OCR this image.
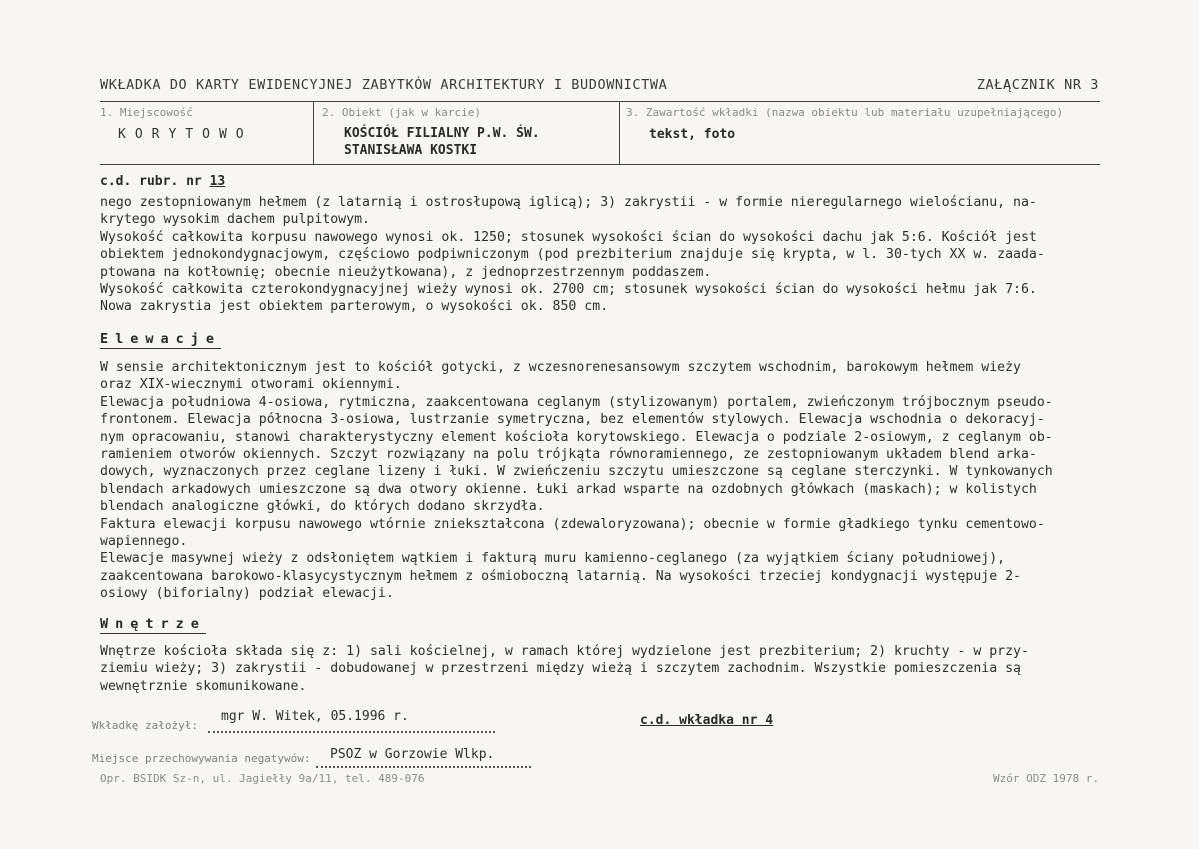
WKŁADKA DO KARTY EWIDENCYJNEJ ZABYTKÓW ARCHITEKTURY I BUDOWNICTWA	ZAŁĄCZNIK NR 3
1. Miejscowość
KORYTOWO
2. Obiekt (jak w karcie)
KOŚCIÓŁ FILIALNY P.W. ŚW.
STANISŁAWA KOSTKI
3. Zawartość wkładki (nazwa obiektu lub materiału uzupełniającego)
tekst, foto
c.d. rubr. nr 13
nego zestopniowanym hełmem (z latarnią i ostrosłupową iglicą); 3) zakrystii - w formie nieregularnego wielościanu, na-
krytego wysokim dachem pulpitowym.
Wysokość całkowita korpusu nawowego wynosi ok. 1250; stosunek wysokości ścian do wysokości dachu jak 5:6. Kościół jest
obiektem jednokondygnacjowym, częściowo podpiwniczonym (pod prezbiterium znajduje się krypta, w l. 30-tych XX w. zaada-
ptowana na kotłownię; obecnie nieużytkowana), z jednoprzestrzennym poddaszem.
Wysokość całkowita czterokondygnacyjnej wieży wynosi ok. 2700 cm; stosunek wysokości ścian do wysokości hełmu jak 7:6.
Nowa zakrystia jest obiektem parterowym, o wysokości ok. 850 cm.
Elewacje
W sensie architektonicznym jest to kościół gotycki, z wczesnorenesansowym szczytem wschodnim, barokowym hełmem wieży
oraz XIX-wiecznymi otworami okiennymi.
Elewacja południowa 4-osiowa, rytmiczna, zaakcentowana ceglanym (stylizowanym) portalem, zwieńczonym trójbocznym pseudo-
frontonem. Elewacja północna 3-osiowa, lustrzanie symetryczna, bez elementów stylowych. Elewacja wschodnia o dekoracyj-
nym opracowaniu, stanowi charakterystyczny element kościoła korytowskiego. Elewacja o podziale 2-osiowym, z ceglanym ob-
ramieniem otworów okiennych. Szczyt rozwiązany na polu trójkąta równoramiennego, ze zestopniowanym układem blend arka-
dowych, wyznaczonych przez ceglane lizeny i łuki. W zwieńczeniu szczytu umieszczone są ceglane sterczynki. W tynkowanych
blendach arkadowych umieszczone są dwa otwory okienne. Łuki arkad wsparte na ozdobnych główkach (maskach); w kolistych
blendach analogiczne główki, do których dodano skrzydła.
Faktura elewacji korpusu nawowego wtórnie zniekształcona (zdewaloryzowana); obecnie w formie gładkiego tynku cementowo-
wapiennego.
Elewacje masywnej wieży z odsłoniętem wątkiem i fakturą muru kamienno-ceglanego (za wyjątkiem ściany południowej),
zaakcentowana barokowo-klasycystycznym hełmem z ośmioboczną latarnią. Na wysokości trzeciej kondygnacji występuje 2-
osiowy (biforialny) podział elewacji.
Wnętrze
Wnętrze kościoła składa się z: 1) sali kościelnej, w ramach której wydzielone jest prezbiterium; 2) kruchty - w przy-
ziemiu wieży; 3) zakrystii - dobudowanej w przestrzeni między wieżą i szczytem zachodnim. Wszystkie pomieszczenia są
wewnętrznie skomunikowane.
Wkładkę założył:
mgr W. Witek, 05.1996 r.	c.d. wkładka nr 4
Miejsce przechowywania negatywów: PSOZ w Gorzowie Wlkp.
Opr. BSIDK Sz-n, ul. Jagiełły 9a/11, tel. 489-076	Wzór ODZ 1978 r.
